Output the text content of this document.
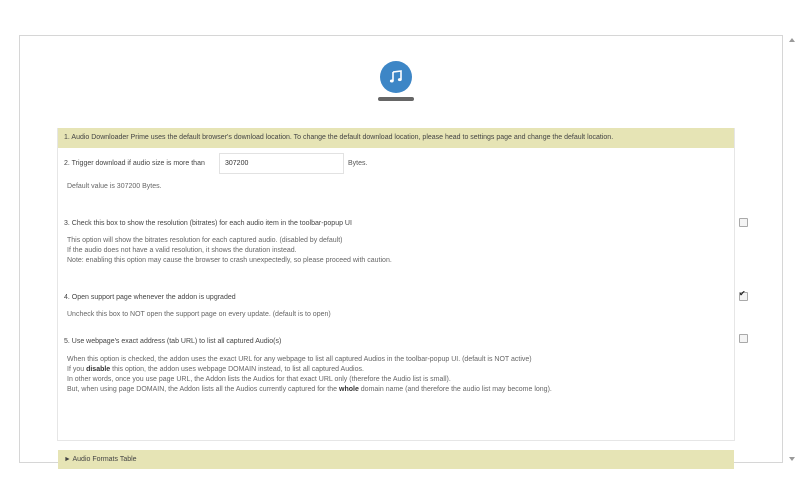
1. Audio Downloader Prime uses the default browser's download location. To change the default download location, please head to settings page and change the default location.
2. Trigger download if audio size is more than	307200	Bytes.
Default value is 307200 Bytes.
3. Check this box to show the resolution (bitrates) for each audio item in the toolbar-popup UI
This option will show the bitrates resolution for each captured audio. (disabled by default)
If the audio does not have a valid resolution, it shows the duration instead.
Note: enabling this option may cause the browser to crash unexpectedly, so please proceed with caution.
4. Open support page whenever the addon is upgraded
✔
Uncheck this box to NOT open the support page on every update. (default is to open)
5. Use webpage's exact address (tab URL) to list all captured Audio(s)
When this option is checked, the addon uses the exact URL for any webpage to list all captured Audios in the toolbar-popup UI. (default is NOT active)
If you disable this option, the addon uses webpage DOMAIN instead, to list all captured Audios.
In other words, once you use page URL, the Addon lists the Audios for that exact URL only (therefore the Audio list is small).
But, when using page DOMAIN, the Addon lists all the Audios currently captured for the whole domain name (and therefore the audio list may become long).
► Audio Formats Table
